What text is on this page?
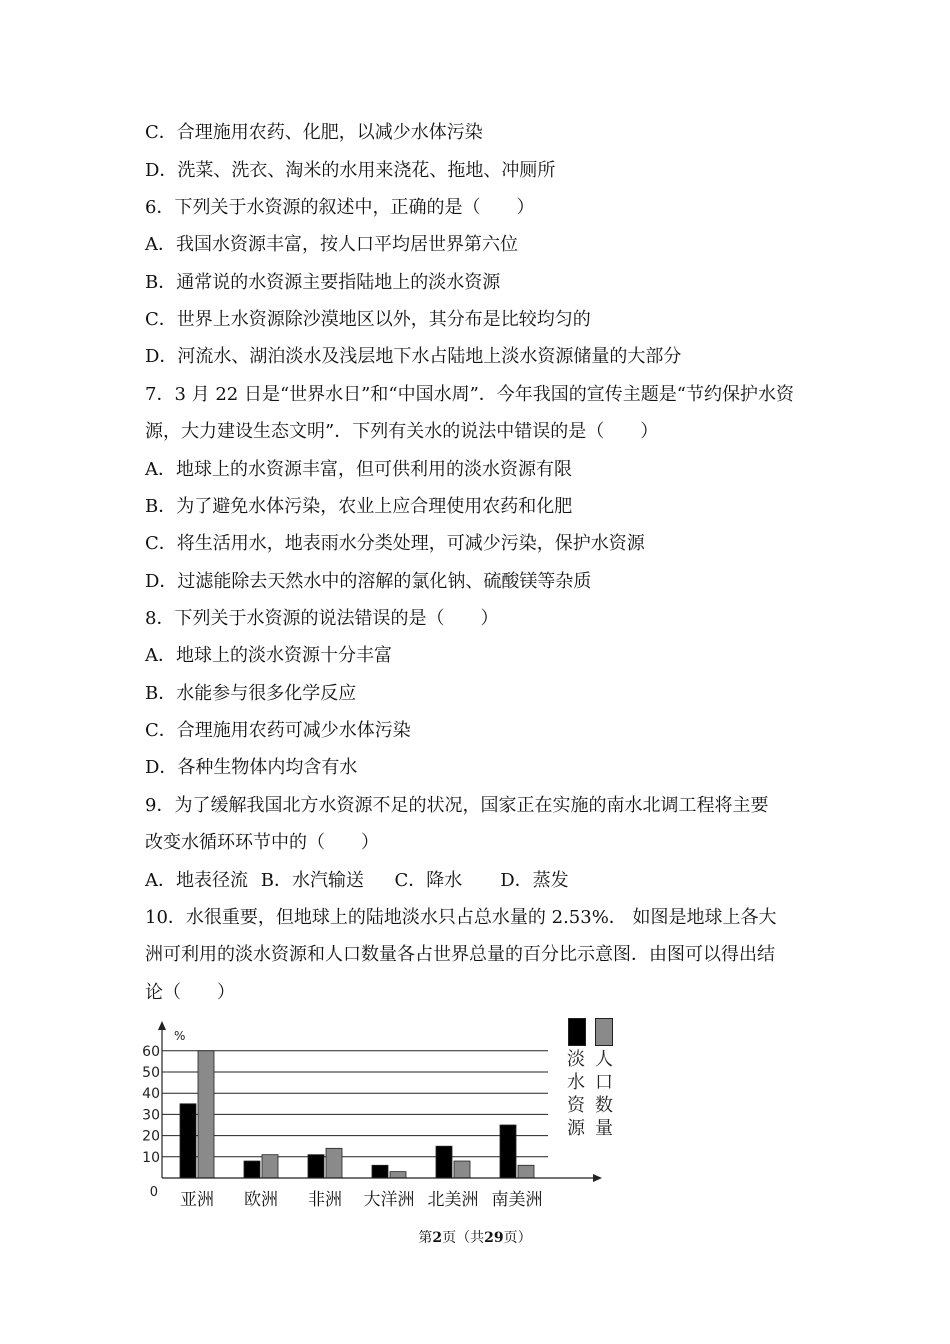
C．合理施用农药、化肥，以减少水体污染
D．洗菜、洗衣、淘米的水用来浇花、拖地、冲厕所
6．下列关于水资源的叙述中，正确的是（　　）
A．我国水资源丰富，按人口平均居世界第六位
B．通常说的水资源主要指陆地上的淡水资源
C．世界上水资源除沙漠地区以外，其分布是比较均匀的
D．河流水、湖泊淡水及浅层地下水占陆地上淡水资源储量的大部分
7．3 月 22 日是“世界水日”和“中国水周”．今年我国的宣传主题是“节约保护水资
源，大力建设生态文明”．下列有关水的说法中错误的是（　　）
A．地球上的水资源丰富，但可供利用的淡水资源有限
B．为了避免水体污染，农业上应合理使用农药和化肥
C．将生活用水，地表雨水分类处理，可减少污染，保护水资源
D．过滤能除去天然水中的溶解的氯化钠、硫酸镁等杂质
8．下列关于水资源的说法错误的是（　　）
A．地球上的淡水资源十分丰富
B．水能参与很多化学反应
C．合理施用农药可减少水体污染
D．各种生物体内均含有水
9．为了缓解我国北方水资源不足的状况，国家正在实施的南水北调工程将主要
改变水循环环节中的（　　）
A．地表径流 B．水汽输送 C．降水 D．蒸发
10．水很重要，但地球上的陆地淡水只占总水量的 2.53%． 如图是地球上各大
洲可利用的淡水资源和人口数量各占世界总量的百分比示意图．由图可以得出结
论（　　）
%
0
60
50
40
30
20
10
亚洲 欧洲 非洲 大洋洲 北美洲 南美洲
淡
水
资
源
人
口
数
量
第2页（共29页）
